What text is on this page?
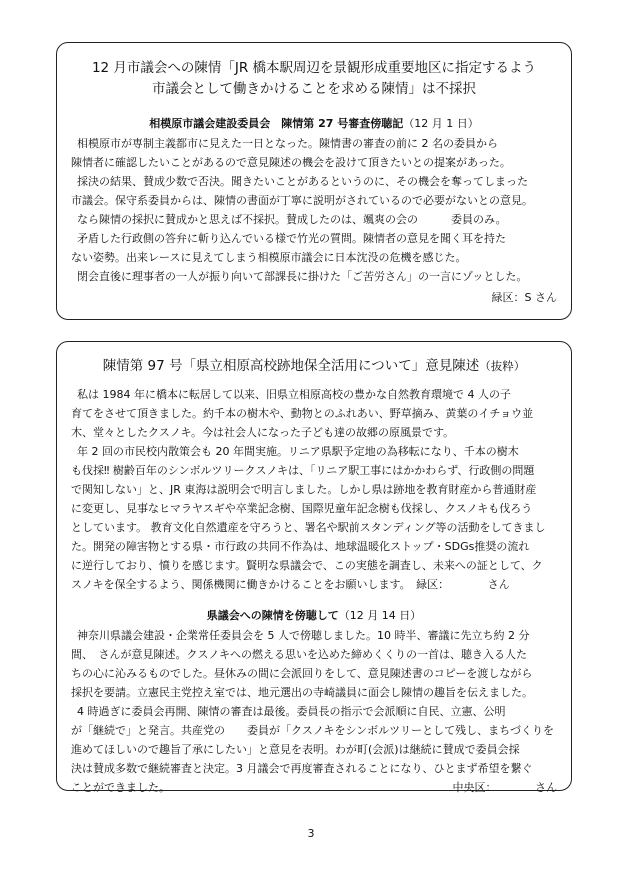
12 月市議会への陳情「JR 橋本駅周辺を景観形成重要地区に指定するよう
市議会として働きかけることを求める陳情」は不採択
相模原市議会建設委員会　陳情第 27 号審査傍聴記（12 月 1 日）
相模原市が専制主義都市に見えた一日となった。陳情書の審査の前に 2 名の委員から
陳情者に確認したいことがあるので意見陳述の機会を設けて頂きたいとの提案があった。
採決の結果、賛成少数で否決。聞きたいことがあるというのに、その機会を奪ってしまった
市議会。保守系委員からは、陳情の書面が丁寧に説明がされているので必要がないとの意見。
なら陳情の採択に賛成かと思えば不採択。賛成したのは、颯爽の会の　　　委員のみ。
矛盾した行政側の答弁に斬り込んでいる様で竹光の質問。陳情者の意見を聞く耳を持た
ない姿勢。出来レースに見えてしまう相模原市議会に日本沈没の危機を感じた。
閉会直後に理事者の一人が振り向いて部課長に掛けた「ご苦労さん」の一言にゾッとした。
緑区：S さん
陳情第 97 号「県立相原高校跡地保全活用について」意見陳述（抜粋）
私は 1984 年に橋本に転居して以来、旧県立相原高校の豊かな自然教育環境で 4 人の子
育てをさせて頂きました。約千本の樹木や、動物とのふれあい、野草摘み、黄葉のイチョウ並
木、堂々としたクスノキ。今は社会人になった子ども達の故郷の原風景です。
年 2 回の市民校内散策会も 20 年間実施。リニア県駅予定地の為移転になり、千本の樹木
も伐採‼ 樹齢百年のシンボルツリークスノキは、「リニア駅工事にはかかわらず、行政側の問題
で関知しない」と、JR 東海は説明会で明言しました。しかし県は跡地を教育財産から普通財産
に変更し、見事なヒマラヤスギや卒業記念樹、国際児童年記念樹も伐採し、クスノキも伐ろう
としています。 教育文化自然遺産を守ろうと、署名や駅前スタンディング等の活動をしてきまし
た。開発の障害物とする県・市行政の共同不作為は、地球温暖化ストップ・SDGs推奨の流れ
に逆行しており、憤りを感じます。賢明な県議会で、この実態を調査し、未来への証として、ク
スノキを保全するよう、関係機関に働きかけることをお願いします。　緑区：　　　　さん
県議会への陳情を傍聴して（12 月 14 日）
神奈川県議会建設・企業常任委員会を 5 人で傍聴しました。10 時半、審議に先立ち約 2 分
間、　さんが意見陳述。クスノキへの燃える思いを込めた締めくくりの一首は、聴き入る人た
ちの心に沁みるものでした。昼休みの間に会派回りをして、意見陳述書のコピーを渡しながら
採択を要請。立憲民主党控え室では、地元選出の寺崎議員に面会し陳情の趣旨を伝えました。
4 時過ぎに委員会再開、陳情の審査は最後。委員長の指示で会派順に自民、立憲、公明
が「継続で」と発言。共産党の　　委員が「クスノキをシンボルツリーとして残し、まちづくりを
進めてほしいので趣旨了承にしたい」と意見を表明。わが町(会派)は継続に賛成で委員会採
決は賛成多数で継続審査と決定。3 月議会で再度審査されることになり、ひとまず希望を繋ぐ
ことができました。	中央区：　　　　さん
3
